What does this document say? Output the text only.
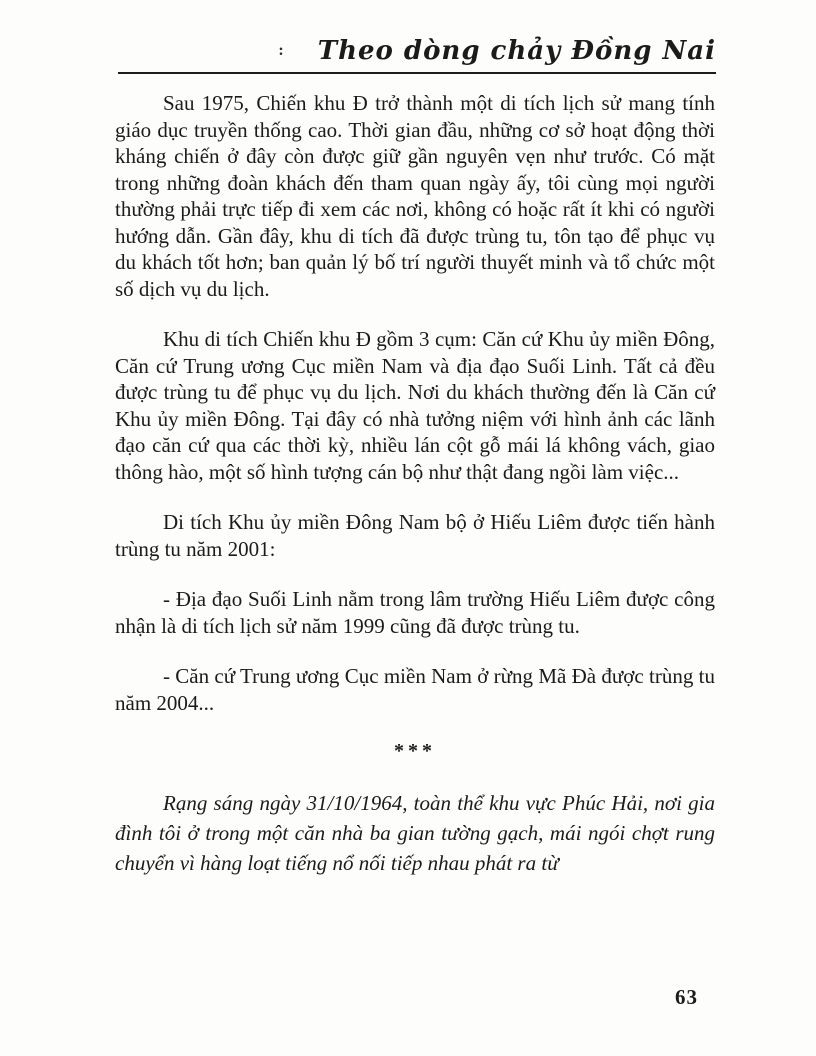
: Theo dòng chảy Đồng Nai

Sau 1975, Chiến khu Đ trở thành một di tích lịch sử mang tính giáo dục truyền thống cao. Thời gian đầu, những cơ sở hoạt động thời kháng chiến ở đây còn được giữ gần nguyên vẹn như trước. Có mặt trong những đoàn khách đến tham quan ngày ấy, tôi cùng mọi người thường phải trực tiếp đi xem các nơi, không có hoặc rất ít khi có người hướng dẫn. Gần đây, khu di tích đã được trùng tu, tôn tạo để phục vụ du khách tốt hơn; ban quản lý bố trí người thuyết minh và tổ chức một số dịch vụ du lịch.

Khu di tích Chiến khu Đ gồm 3 cụm: Căn cứ Khu ủy miền Đông, Căn cứ Trung ương Cục miền Nam và địa đạo Suối Linh. Tất cả đều được trùng tu để phục vụ du lịch. Nơi du khách thường đến là Căn cứ Khu ủy miền Đông. Tại đây có nhà tưởng niệm với hình ảnh các lãnh đạo căn cứ qua các thời kỳ, nhiều lán cột gỗ mái lá không vách, giao thông hào, một số hình tượng cán bộ như thật đang ngồi làm việc...

Di tích Khu ủy miền Đông Nam bộ ở Hiếu Liêm được tiến hành trùng tu năm 2001:

- Địa đạo Suối Linh nằm trong lâm trường Hiếu Liêm được công nhận là di tích lịch sử năm 1999 cũng đã được trùng tu.

- Căn cứ Trung ương Cục miền Nam ở rừng Mã Đà được trùng tu năm 2004...

***

Rạng sáng ngày 31/10/1964, toàn thể khu vực Phúc Hải, nơi gia đình tôi ở trong một căn nhà ba gian tường gạch, mái ngói chợt rung chuyển vì hàng loạt tiếng nổ nối tiếp nhau phát ra từ

63
